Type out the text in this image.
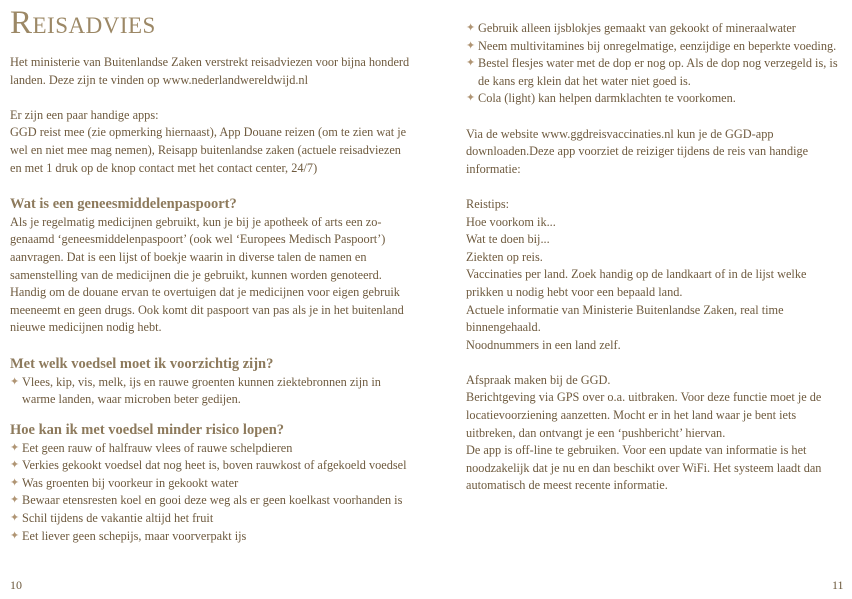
Reisadvies

Het ministerie van Buitenlandse Zaken verstrekt reisadviezen voor bijna honderd landen. Deze zijn te vinden op www.nederlandwereldwijd.nl

Er zijn een paar handige apps:

GGD reist mee (zie opmerking hiernaast), App Douane reizen (om te zien wat je wel en niet mee mag nemen), Reisapp buitenlandse zaken (actuele reisadviezen en met 1 druk op de knop contact met het contact center, 24/7)

Wat is een geneesmiddelenpaspoort?

Als je regelmatig medicijnen gebruikt, kun je bij je apotheek of arts een zo-genaamd ‘geneesmiddelenpaspoort’ (ook wel ‘Europees Medisch Paspoort’) aanvragen. Dat is een lijst of boekje waarin in diverse talen de namen en samenstelling van de medicijnen die je gebruikt, kunnen worden genoteerd. Handig om de douane ervan te overtuigen dat je medicijnen voor eigen gebruik meeneemt en geen drugs. Ook komt dit paspoort van pas als je in het buitenland nieuwe medicijnen nodig hebt.

Met welk voedsel moet ik voorzichtig zijn?
✦ Vlees, kip, vis, melk, ijs en rauwe groenten kunnen ziektebronnen zijn in warme landen, waar microben beter gedijen.
Hoe kan ik met voedsel minder risico lopen?
✦ Eet geen rauw of halfrauw vlees of rauwe schelpdieren
✦ Verkies gekookt voedsel dat nog heet is, boven rauwkost of afgekoeld voedsel
✦ Was groenten bij voorkeur in gekookt water
✦ Bewaar etensresten koel en gooi deze weg als er geen koelkast voorhanden is
✦ Schil tijdens de vakantie altijd het fruit
✦ Eet liever geen schepijs, maar voorverpakt ijs
✦ Gebruik alleen ijsblokjes gemaakt van gekookt of mineraalwater
✦ Neem multivitamines bij onregelmatige, eenzijdige en beperkte voeding.
✦ Bestel flesjes water met de dop er nog op. Als de dop nog verzegeld is, is de kans erg klein dat het water niet goed is.
✦ Cola (light) kan helpen darmklachten te voorkomen.

Via de website www.ggdreisvaccinaties.nl kun je de GGD-app downloaden.Deze app voorziet de reiziger tijdens de reis van handige informatie:

Reistips:

Hoe voorkom ik...

Wat te doen bij...

Ziekten op reis.

Vaccinaties per land. Zoek handig op de landkaart of in de lijst welke prikken u nodig hebt voor een bepaald land.

Actuele informatie van Ministerie Buitenlandse Zaken, real time binnengehaald.

Noodnummers in een land zelf.

Afspraak maken bij de GGD.

Berichtgeving via GPS over o.a. uitbraken. Voor deze functie moet je de locatievoorziening aanzetten. Mocht er in het land waar je bent iets uitbreken, dan ontvangt je een ‘pushbericht’ hiervan.

De app is off-line te gebruiken. Voor een update van informatie is het noodzakelijk dat je nu en dan beschikt over WiFi. Het systeem laadt dan automatisch de meest recente informatie.

10	11
